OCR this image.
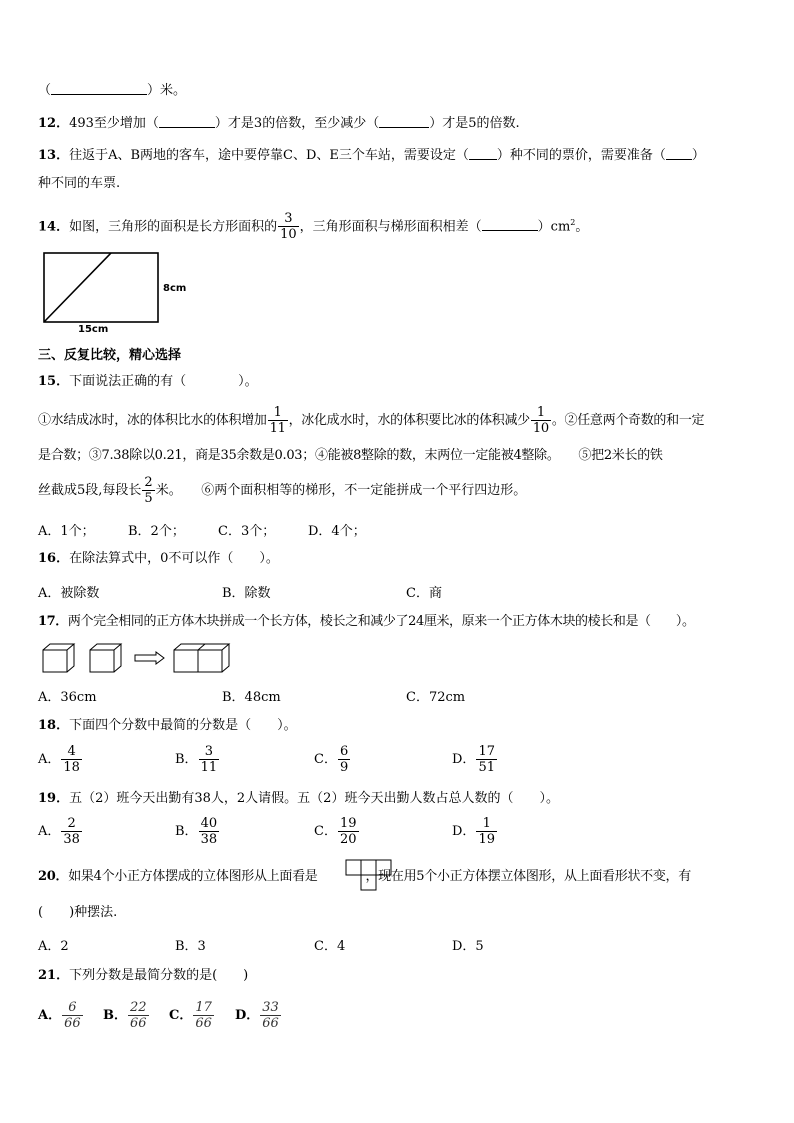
（	）米。
12．493至少增加（	）才是3的倍数，至少减少（	）才是5的倍数.
13．往返于A、B两地的客车，途中要停靠C、D、E三个车站，需要设定（ ）种不同的票价，需要准备（ ）
种不同的车票.
14．如图，三角形的面积是长方形面积的 $\frac{3}{10}$ ，三角形面积与梯形面积相差（	）$cm^2$。
8cm
15cm
三、反复比较，精心选择
15．下面说法正确的有（　　　　）。
①水结成冰时，冰的体积比水的体积增加 $\frac{1}{11}$ ，冰化成水时，水的体积要比冰的体积减少 $\frac{1}{10}$ 。②任意两个奇数的和一定
是合数；③7.38除以0.21，商是35余数是0.03；④能被8整除的数，末两位一定能被4整除。　　⑤把2米长的铁
丝截成5段,每段长 $\frac{2}{5}$ 米。　　⑥两个面积相等的梯形，不一定能拼成一个平行四边形。
A．1个；	B．2个；	C．3个；	D．4个；
16．在除法算式中，0不可以作（　　）。
A．被除数	B．除数	C．商
17．两个完全相同的正方体木块拼成一个长方体，棱长之和减少了24厘米，原来一个正方体木块的棱长和是（　　）。
A．36cm	B．48cm	C．72cm
18．下面四个分数中最简的分数是（　　）。
A． $\frac{4}{18}$	B． $\frac{3}{11}$	C． $\frac{6}{9}$	D． $\frac{17}{51}$
19．五（2）班今天出勤有38人，2人请假。五（2）班今天出勤人数占总人数的（　　）。
A． $\frac{2}{38}$	B． $\frac{40}{38}$	C． $\frac{19}{20}$	D． $\frac{1}{19}$
20．如果4个小正方体摆成的立体图形从上面看是	，现在用5个小正方体摆立体图形，从上面看形状不变，有
(　　)种摆法.
A．2	B．3	C．4	D．5
21．下列分数是最简分数的是(　　)
A． $\frac{6}{66}$ B． $\frac{22}{66}$ C． $\frac{17}{66}$ D． $\frac{33}{66}$
